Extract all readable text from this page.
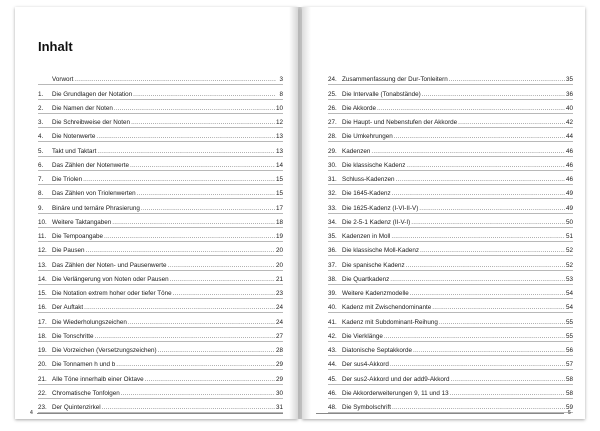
Inhalt
Vorwort .....	3
1.	Die Grundlagen der Notation .....	8
2.	Die Namen der Noten .....	10
3.	Die Schreibweise der Noten .....	12
4.	Die Notenwerte .....	13
5.	Takt und Taktart .....	13
6.	Das Zählen der Notenwerte .....	14
7.	Die Triolen .....	15
8.	Das Zählen von Triolenwerten .....	15
9.	Binäre und ternäre Phrasierung .....	17
10. Weitere Taktangaben .....	18
11. Die Tempoangabe .....	19
12. Die Pausen .....	20
13. Das Zählen der Noten- und Pausenwerte .....	20
14. Die Verlängerung von Noten oder Pausen .....	21
15. Die Notation extrem hoher oder tiefer Töne .....	23
16. Der Auftakt .....	24
17. Die Wiederholungszeichen .....	24
18. Die Tonschritte .....	27
19. Die Vorzeichen (Versetzungszeichen) .....	28
20. Die Tonnamen h und b .....	29
21. Alle Töne innerhalb einer Oktave .....	29
22. Chromatische Tonfolgen .....	30
23. Der Quintenzirkel .....	31
4
24. Zusammenfassung der Dur-Tonleitern .....	35
25. Die Intervalle (Tonabstände) .....	36
26. Die Akkorde .....	40
27. Die Haupt- und Nebenstufen der Akkorde .....	42
28. Die Umkehrungen .....	44
29. Kadenzen .....	46
30. Die klassische Kadenz .....	46
31. Schluss-Kadenzen .....	46
32. Die 1645-Kadenz .....	49
33. Die 1625-Kadenz (I-VI-II-V) .....	49
34. Die 2-5-1 Kadenz (II-V-I) .....	50
35. Kadenzen in Moll .....	51
36. Die klassische Moll-Kadenz .....	52
37. Die spanische Kadenz .....	52
38. Die Quartkadenz .....	53
39. Weitere Kadenzmodelle .....	54
40. Kadenz mit Zwischendominante .....	54
41. Kadenz mit Subdominant-Reihung .....	55
42. Die Vierklänge .....	55
43. Diatonische Septakkorde .....	56
44. Der sus4-Akkord .....	57
45. Der sus2-Akkord und der add9-Akkord .....	58
46. Die Akkorderweiterungen 9, 11 und 13 .....	58
48. Die Symbolschrift .....	59
5
